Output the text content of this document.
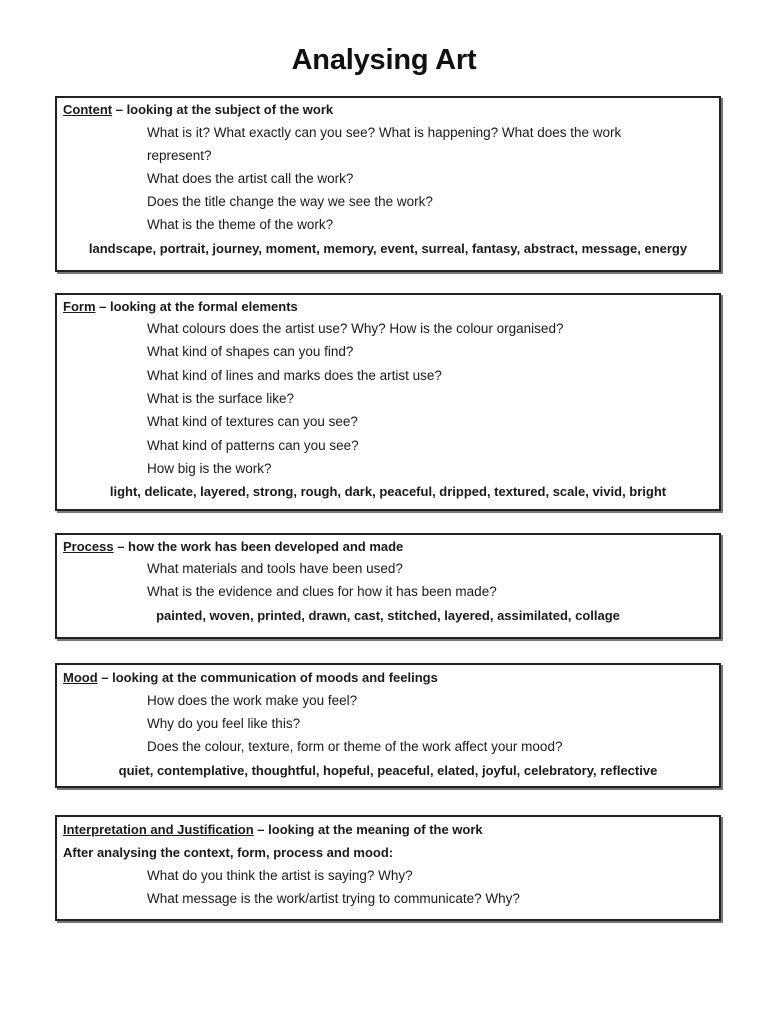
Analysing Art
Content – looking at the subject of the work
What is it? What exactly can you see? What is happening? What does the work
represent?
What does the artist call the work?
Does the title change the way we see the work?
What is the theme of the work?
landscape, portrait, journey, moment, memory, event, surreal, fantasy, abstract, message, energy
Form – looking at the formal elements
What colours does the artist use? Why? How is the colour organised?
What kind of shapes can you find?
What kind of lines and marks does the artist use?
What is the surface like?
What kind of textures can you see?
What kind of patterns can you see?
How big is the work?
light, delicate, layered, strong, rough, dark, peaceful, dripped, textured, scale, vivid, bright
Process – how the work has been developed and made
What materials and tools have been used?
What is the evidence and clues for how it has been made?
painted, woven, printed, drawn, cast, stitched, layered, assimilated, collage
Mood – looking at the communication of moods and feelings
How does the work make you feel?
Why do you feel like this?
Does the colour, texture, form or theme of the work affect your mood?
quiet, contemplative, thoughtful, hopeful, peaceful, elated, joyful, celebratory, reflective
Interpretation and Justification – looking at the meaning of the work
After analysing the context, form, process and mood:
What do you think the artist is saying? Why?
What message is the work/artist trying to communicate? Why?
